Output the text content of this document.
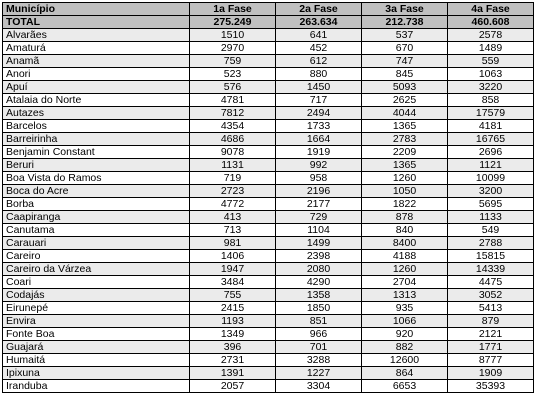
Município	1a Fase	2a Fase	3a Fase	4a Fase
TOTAL	275.249	263.634	212.738	460.608
Alvarães	1510	641	537	2578
Amaturá	2970	452	670	1489
Anamã	759	612	747	559
Anori	523	880	845	1063
Apuí	576	1450	5093	3220
Atalaia do Norte	4781	717	2625	858
Autazes	7812	2494	4044	17579
Barcelos	4354	1733	1365	4181
Barreirinha	4686	1664	2783	16765
Benjamin Constant	9078	1919	2209	2696
Beruri	1131	992	1365	1121
Boa Vista do Ramos	719	958	1260	10099
Boca do Acre	2723	2196	1050	3200
Borba	4772	2177	1822	5695
Caapiranga	413	729	878	1133
Canutama	713	1104	840	549
Carauari	981	1499	8400	2788
Careiro	1406	2398	4188	15815
Careiro da Várzea	1947	2080	1260	14339
Coari	3484	4290	2704	4475
Codajás	755	1358	1313	3052
Eirunepé	2415	1850	935	5413
Envira	1193	851	1066	879
Fonte Boa	1349	966	920	2121
Guajará	396	701	882	1771
Humaitá	2731	3288	12600	8777
Ipixuna	1391	1227	864	1909
Iranduba	2057	3304	6653	35393
